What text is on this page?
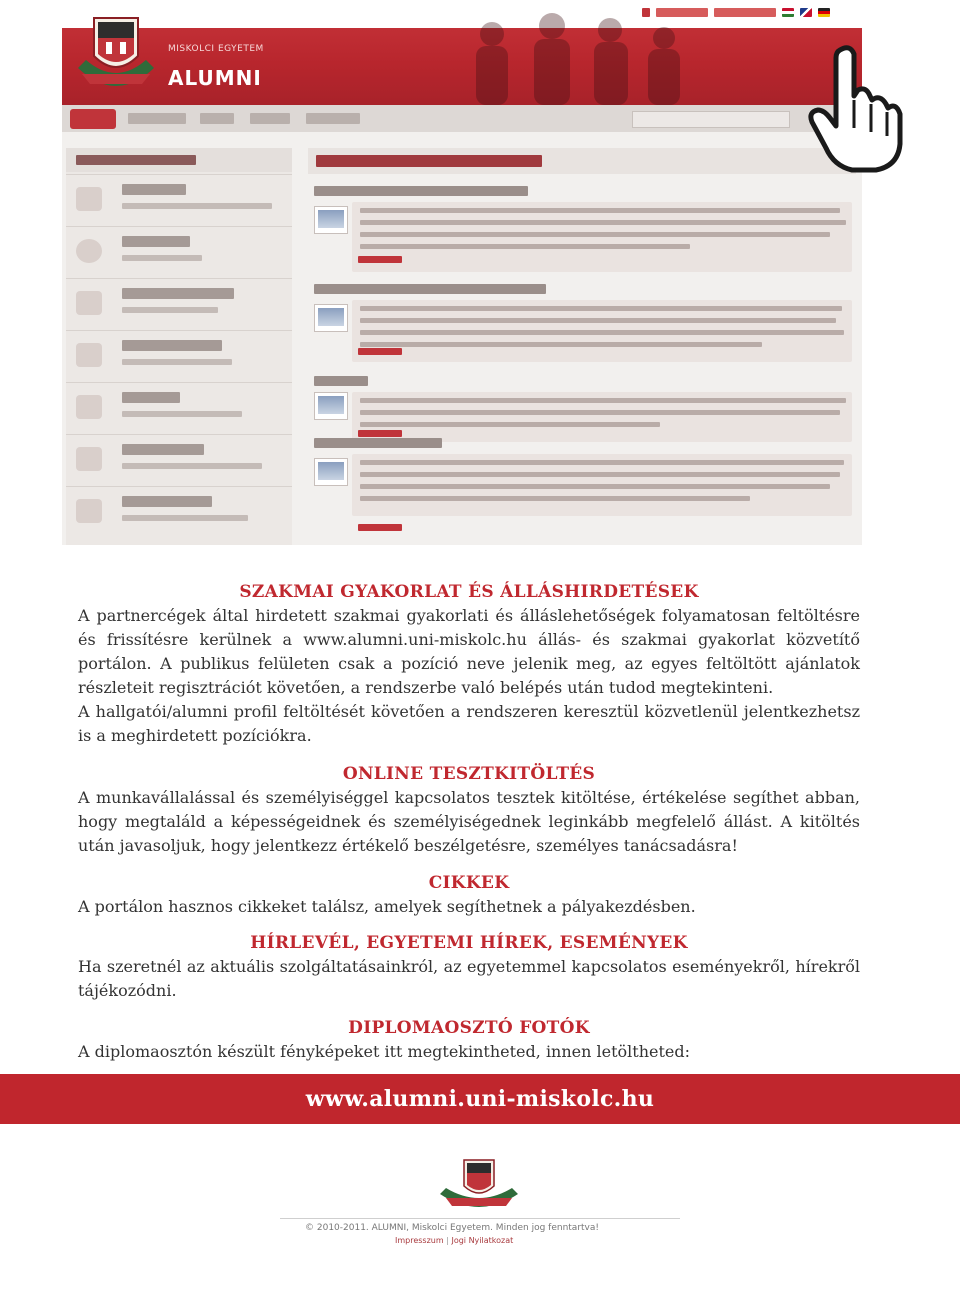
MISKOLCI EGYETEM
ALUMNI
SZAKMAI GYAKORLAT ÉS ÁLLÁSHIRDETÉSEK

A partnercégek által hirdetett szakmai gyakorlati és álláslehetőségek folyamatosan feltöltésre és frissítésre kerülnek a www.alumni.uni-miskolc.hu állás- és szakmai gyakorlat közvetítő portálon. A publikus felületen csak a pozíció neve jelenik meg, az egyes feltöltött ajánlatok részleteit regisztrációt követően, a rendszerbe való belépés után tudod megtekinteni.

A hallgatói/alumni profil feltöltését követően a rendszeren keresztül közvetlenül jelentkezhetsz is a meghirdetett pozíciókra.

ONLINE TESZTKITÖLTÉS

A munkavállalással és személyiséggel kapcsolatos tesztek kitöltése, értékelése segíthet abban, hogy megtaláld a képességeidnek és személyiségednek leginkább megfelelő állást. A kitöltés után javasoljuk, hogy jelentkezz értékelő beszélgetésre, személyes tanácsadásra!

CIKKEK

A portálon hasznos cikkeket találsz, amelyek segíthetnek a pályakezdésben.

HÍRLEVÉL, EGYETEMI HÍREK, ESEMÉNYEK

Ha szeretnél az aktuális szolgáltatásainkról, az egyetemmel kapcsolatos eseményekről, hírekről tájékozódni.

DIPLOMAOSZTÓ FOTÓK

A diplomaosztón készült fényképeket itt megtekintheted, innen letöltheted:

www.alumni.uni-miskolc.hu
© 2010-2011. ALUMNI, Miskolci Egyetem. Minden jog fenntartva!
Impresszum | Jogi Nyilatkozat
